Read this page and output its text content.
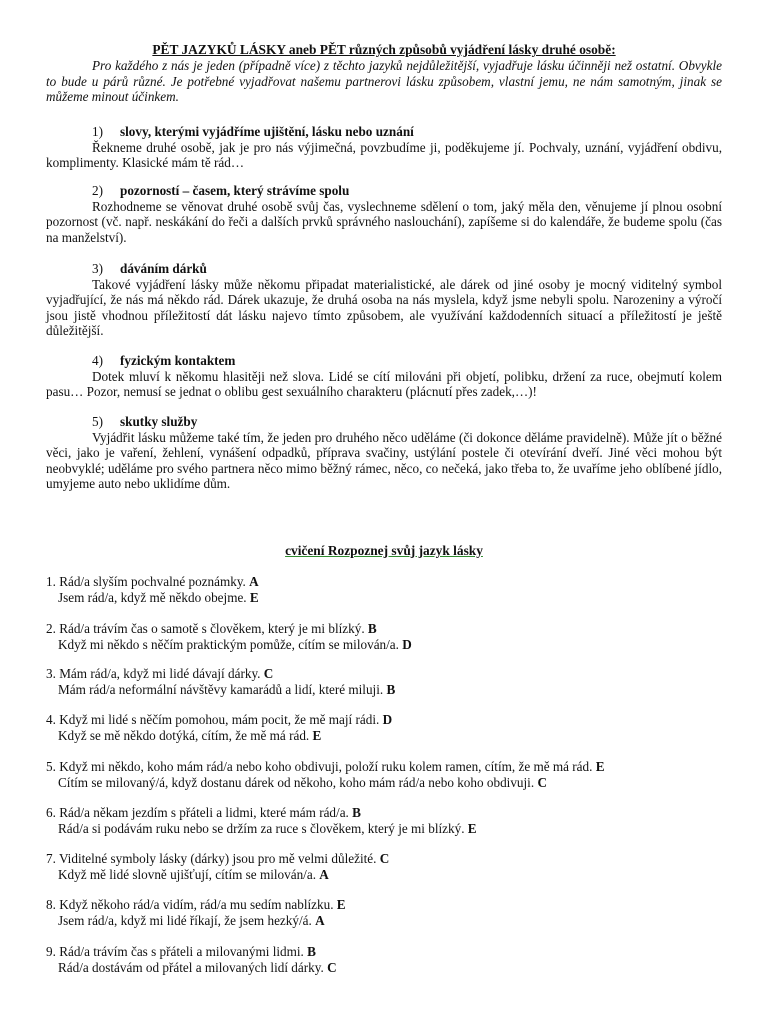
PĚT JAZYKŮ LÁSKY aneb PĚT různých způsobů vyjádření lásky druhé osobě:
Pro každého z nás je jeden (případně více) z těchto jazyků nejdůležitější, vyjadřuje lásku účinněji než ostatní. Obvykle to bude u párů různé. Je potřebné vyjadřovat našemu partnerovi lásku způsobem, vlastní jemu, ne nám samotným, jinak se můžeme minout účinkem.
1) slovy, kterými vyjádříme ujištění, lásku nebo uznání
Řekneme druhé osobě, jak je pro nás výjimečná, povzbudíme ji, poděkujeme jí. Pochvaly, uznání, vyjádření obdivu, komplimenty. Klasické mám tě rád…
2) pozorností – časem, který strávíme spolu
Rozhodneme se věnovat druhé osobě svůj čas, vyslechneme sdělení o tom, jaký měla den, věnujeme jí plnou osobní pozornost (vč. např. neskákání do řeči a dalších prvků správného naslouchání), zapíšeme si do kalendáře, že budeme spolu (čas na manželství).
3) dáváním dárků
Takové vyjádření lásky může někomu připadat materialistické, ale dárek od jiné osoby je mocný viditelný symbol vyjadřující, že nás má někdo rád. Dárek ukazuje, že druhá osoba na nás myslela, když jsme nebyli spolu. Narozeniny a výročí jsou jistě vhodnou příležitostí dát lásku najevo tímto způsobem, ale využívání každodenních situací a příležitostí je ještě důležitější.
4) fyzickým kontaktem
Dotek mluví k někomu hlasitěji než slova. Lidé se cítí milováni při objetí, polibku, držení za ruce, obejmutí kolem pasu… Pozor, nemusí se jednat o oblibu gest sexuálního charakteru (plácnutí přes zadek,…)!
5) skutky služby
Vyjádřit lásku můžeme také tím, že jeden pro druhého něco uděláme (či dokonce děláme pravidelně). Může jít o běžné věci, jako je vaření, žehlení, vynášení odpadků, příprava svačiny, ustýlání postele či otevírání dveří. Jiné věci mohou být neobvyklé; uděláme pro svého partnera něco mimo běžný rámec, něco, co nečeká, jako třeba to, že uvaříme jeho oblíbené jídlo, umyjeme auto nebo uklidíme dům.
cvičení Rozpoznej svůj jazyk lásky
1. Rád/a slyším pochvalné poznámky. A
Jsem rád/a, když mě někdo obejme. E
2. Rád/a trávím čas o samotě s člověkem, který je mi blízký. B
Když mi někdo s něčím praktickým pomůže, cítím se milován/a. D
3. Mám rád/a, když mi lidé dávají dárky. C
Mám rád/a neformální návštěvy kamarádů a lidí, které miluji. B
4. Když mi lidé s něčím pomohou, mám pocit, že mě mají rádi. D
Když se mě někdo dotýká, cítím, že mě má rád. E
5. Když mi někdo, koho mám rád/a nebo koho obdivuji, položí ruku kolem ramen, cítím, že mě má rád. E
Cítím se milovaný/á, když dostanu dárek od někoho, koho mám rád/a nebo koho obdivuji. C
6. Rád/a někam jezdím s přáteli a lidmi, které mám rád/a. B
Rád/a si podávám ruku nebo se držím za ruce s člověkem, který je mi blízký. E
7. Viditelné symboly lásky (dárky) jsou pro mě velmi důležité. C
Když mě lidé slovně ujišťují, cítím se milován/a. A
8. Když někoho rád/a vidím, rád/a mu sedím nablízku. E
Jsem rád/a, když mi lidé říkají, že jsem hezký/á. A
9. Rád/a trávím čas s přáteli a milovanými lidmi. B
Rád/a dostávám od přátel a milovaných lidí dárky. C
